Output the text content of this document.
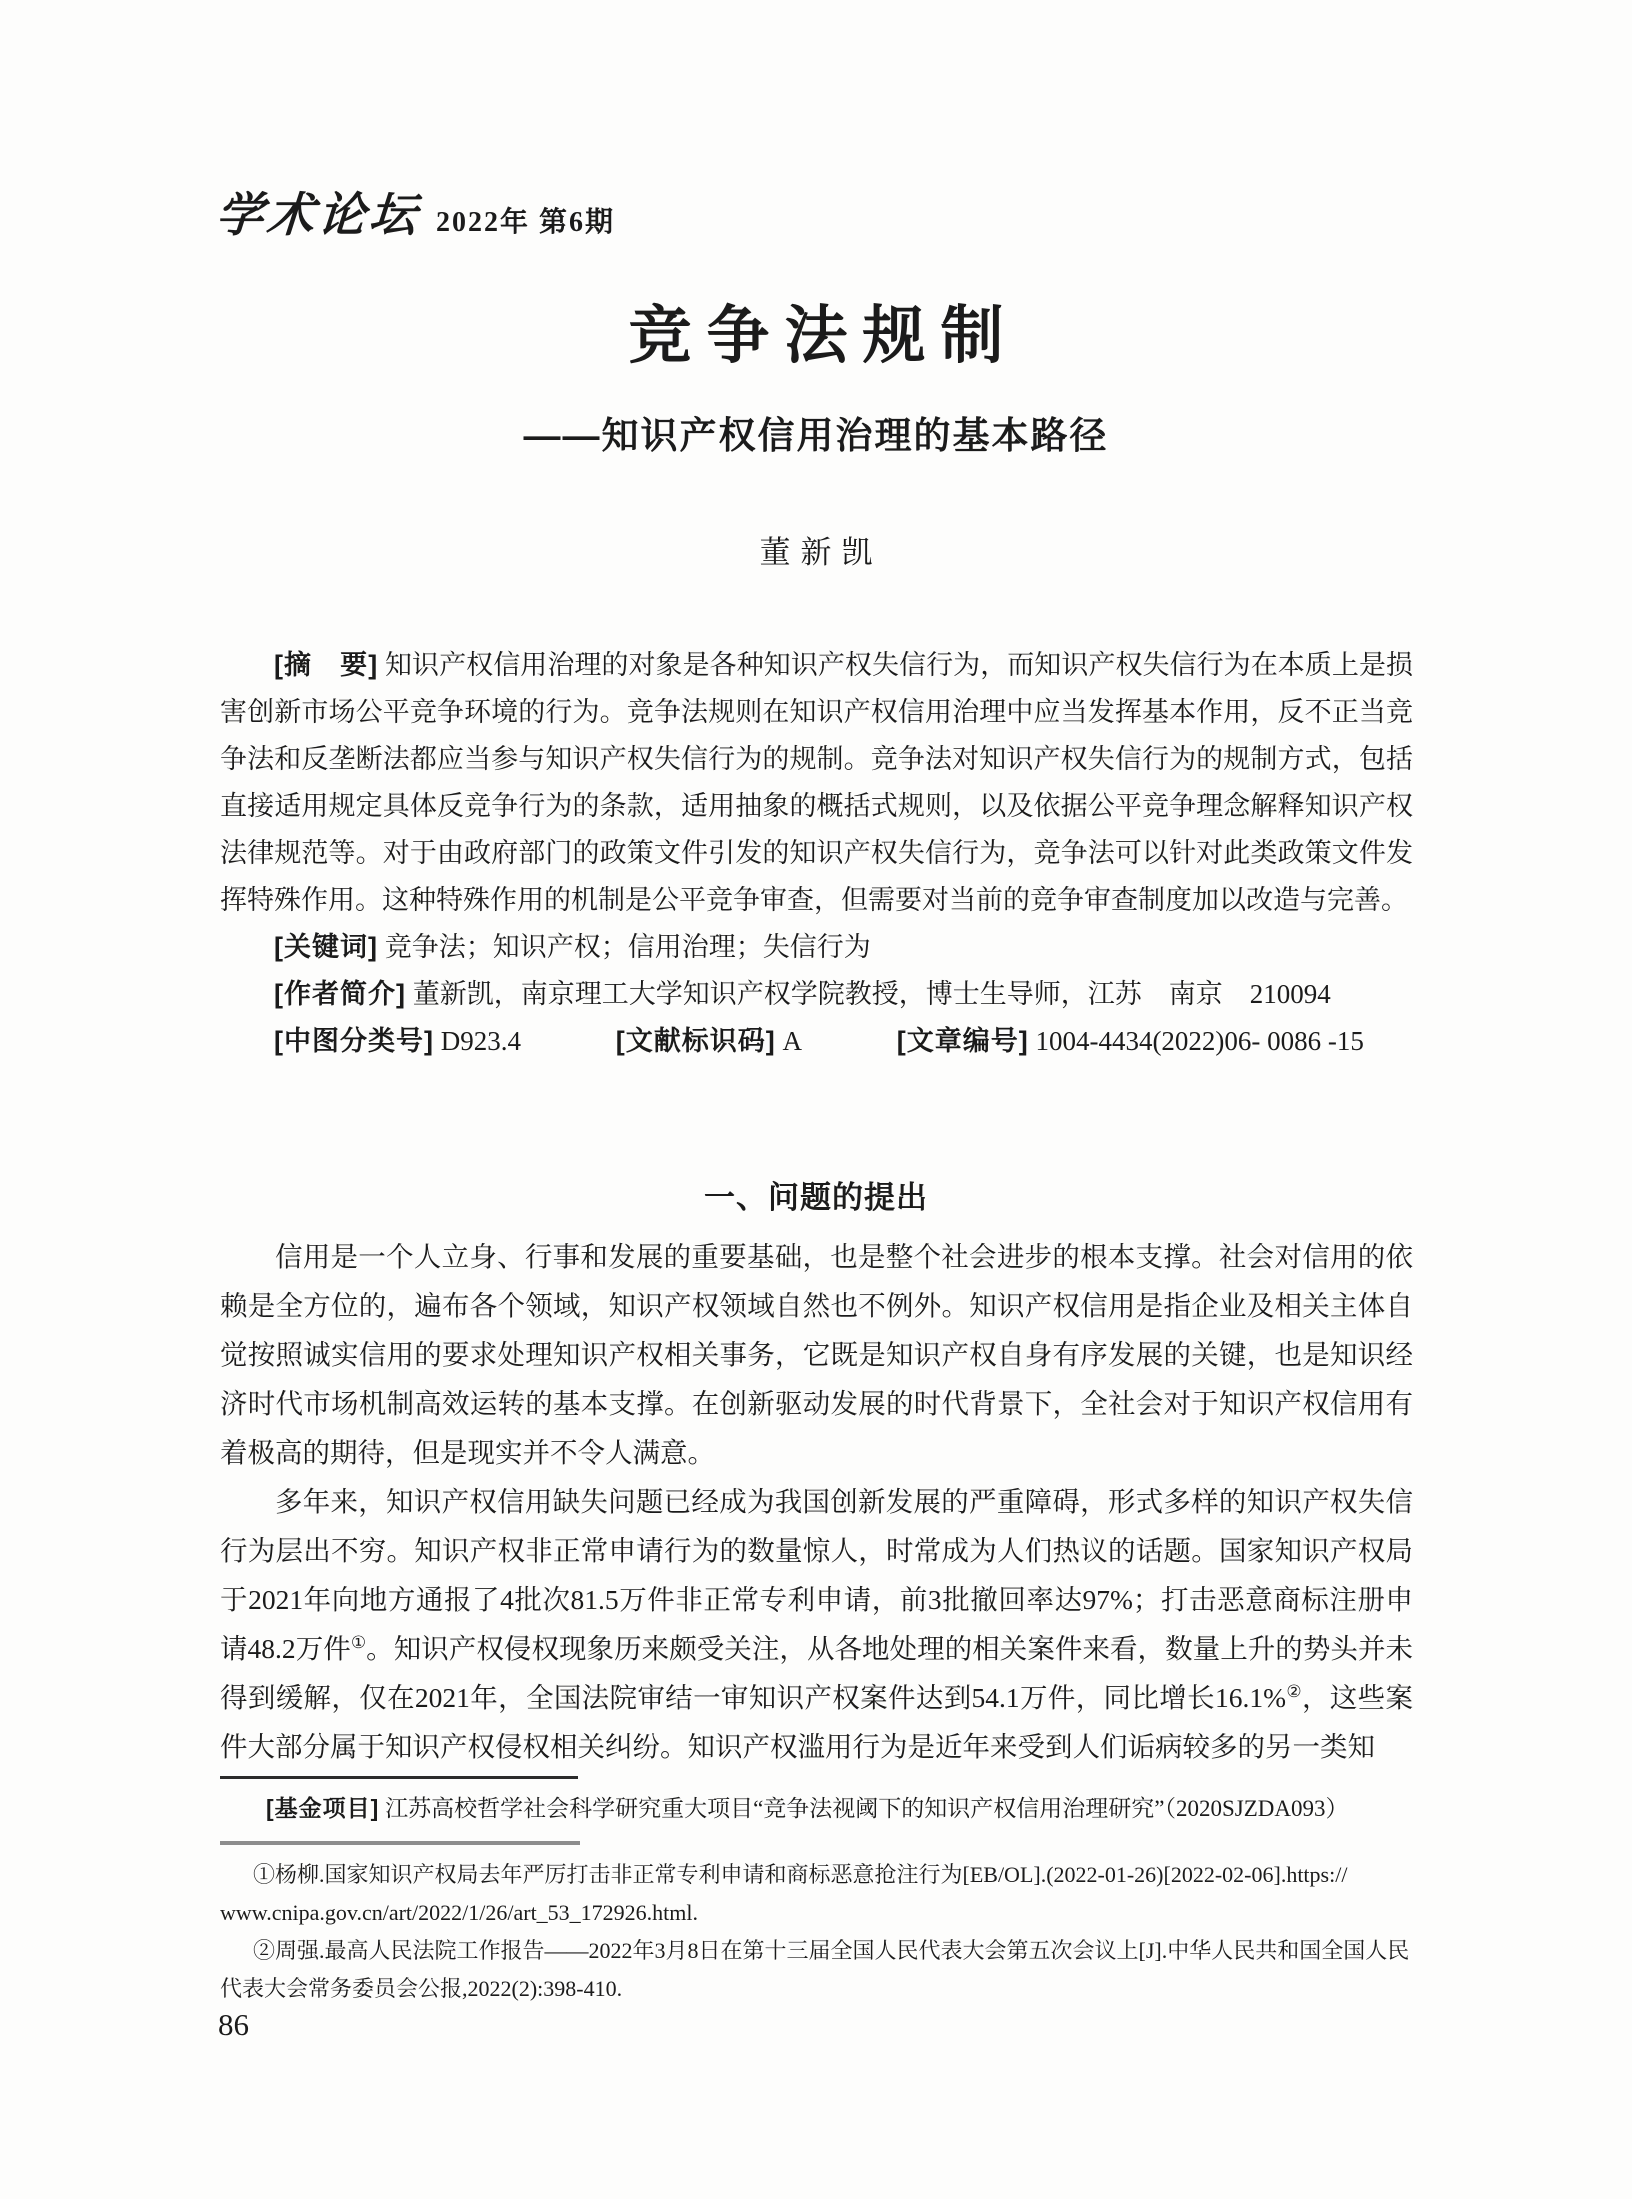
学术论坛 2022年 第6期
竞争法规制
——知识产权信用治理的基本路径
董新凯

[摘　要] 知识产权信用治理的对象是各种知识产权失信行为，而知识产权失信行为在本质上是损害创新市场公平竞争环境的行为。竞争法规则在知识产权信用治理中应当发挥基本作用，反不正当竞争法和反垄断法都应当参与知识产权失信行为的规制。竞争法对知识产权失信行为的规制方式，包括直接适用规定具体反竞争行为的条款，适用抽象的概括式规则，以及依据公平竞争理念解释知识产权法律规范等。对于由政府部门的政策文件引发的知识产权失信行为，竞争法可以针对此类政策文件发挥特殊作用。这种特殊作用的机制是公平竞争审查，但需要对当前的竞争审查制度加以改造与完善。

[关键词] 竞争法；知识产权；信用治理；失信行为

[作者简介] 董新凯，南京理工大学知识产权学院教授，博士生导师，江苏　南京　210094

[中图分类号] D923.4	[文献标识码] A	[文章编号] 1004-4434(2022)06- 0086 -15
一、问题的提出

信用是一个人立身、行事和发展的重要基础，也是整个社会进步的根本支撑。社会对信用的依赖是全方位的，遍布各个领域，知识产权领域自然也不例外。知识产权信用是指企业及相关主体自觉按照诚实信用的要求处理知识产权相关事务，它既是知识产权自身有序发展的关键，也是知识经济时代市场机制高效运转的基本支撑。在创新驱动发展的时代背景下，全社会对于知识产权信用有着极高的期待，但是现实并不令人满意。

多年来，知识产权信用缺失问题已经成为我国创新发展的严重障碍，形式多样的知识产权失信行为层出不穷。知识产权非正常申请行为的数量惊人，时常成为人们热议的话题。国家知识产权局于2021年向地方通报了4批次81.5万件非正常专利申请，前3批撤回率达97%；打击恶意商标注册申请48.2万件①。知识产权侵权现象历来颇受关注，从各地处理的相关案件来看，数量上升的势头并未得到缓解，仅在2021年，全国法院审结一审知识产权案件达到54.1万件，同比增长16.1%②，这些案件大部分属于知识产权侵权相关纠纷。知识产权滥用行为是近年来受到人们诟病较多的另一类知

[基金项目] 江苏高校哲学社会科学研究重大项目“竞争法视阈下的知识产权信用治理研究”（2020SJZDA093）
①杨柳.国家知识产权局去年严厉打击非正常专利申请和商标恶意抢注行为[EB/OL].(2022-01-26)[2022-02-06].https://
www.cnipa.gov.cn/art/2022/1/26/art_53_172926.html.
②周强.最高人民法院工作报告——2022年3月8日在第十三届全国人民代表大会第五次会议上[J].中华人民共和国全国人民
代表大会常务委员会公报,2022(2):398-410.
86
